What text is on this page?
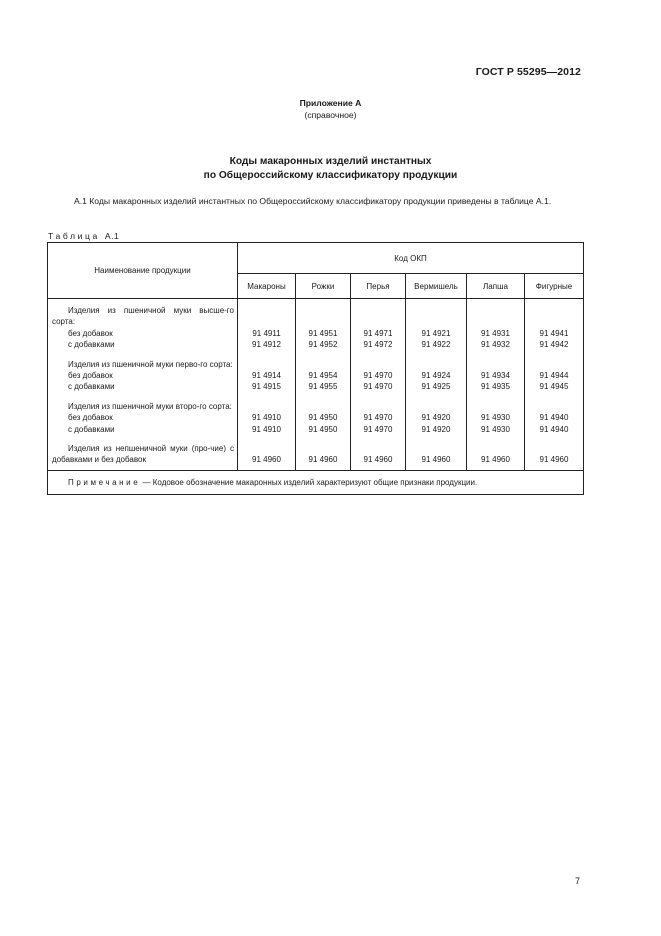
ГОСТ Р 55295—2012
Приложение А
(справочное)
Коды макаронных изделий инстантных
по Общероссийскому классификатору продукции
А.1 Коды макаронных изделий инстантных по Общероссийскому классификатору продукции приведены в таблице А.1.
Таблица А.1
Наименование продукции	Код ОКП					
	Макароны	Рожки	Перья	Вермишель	Лапша	Фигурные

Изделия из пшеничной муки высше-го сорта:						

без добавок	91 4911	91 4951	91 4971	91 4921	91 4931	91 4941

с добавками	91 4912	91 4952	91 4972	91 4922	91 4932	91 4942

Изделия из пшеничной муки перво-го сорта:						

без добавок	91 4914	91 4954	91 4970	91 4924	91 4934	91 4944

с добавками	91 4915	91 4955	91 4970	91 4925	91 4935	91 4945

Изделия из пшеничной муки второ-го сорта:						

без добавок	91 4910	91 4950	91 4970	91 4920	91 4930	91 4940

с добавками	91 4910	91 4950	91 4970	91 4920	91 4930	91 4940

Изделия из непшеничной муки (про-чие) с добавками и без добавок	91 4960	91 4960	91 4960	91 4960	91 4960	91 4960
Примечание — Кодовое обозначение макаронных изделий характеризуют общие признаки продукции.						
7
